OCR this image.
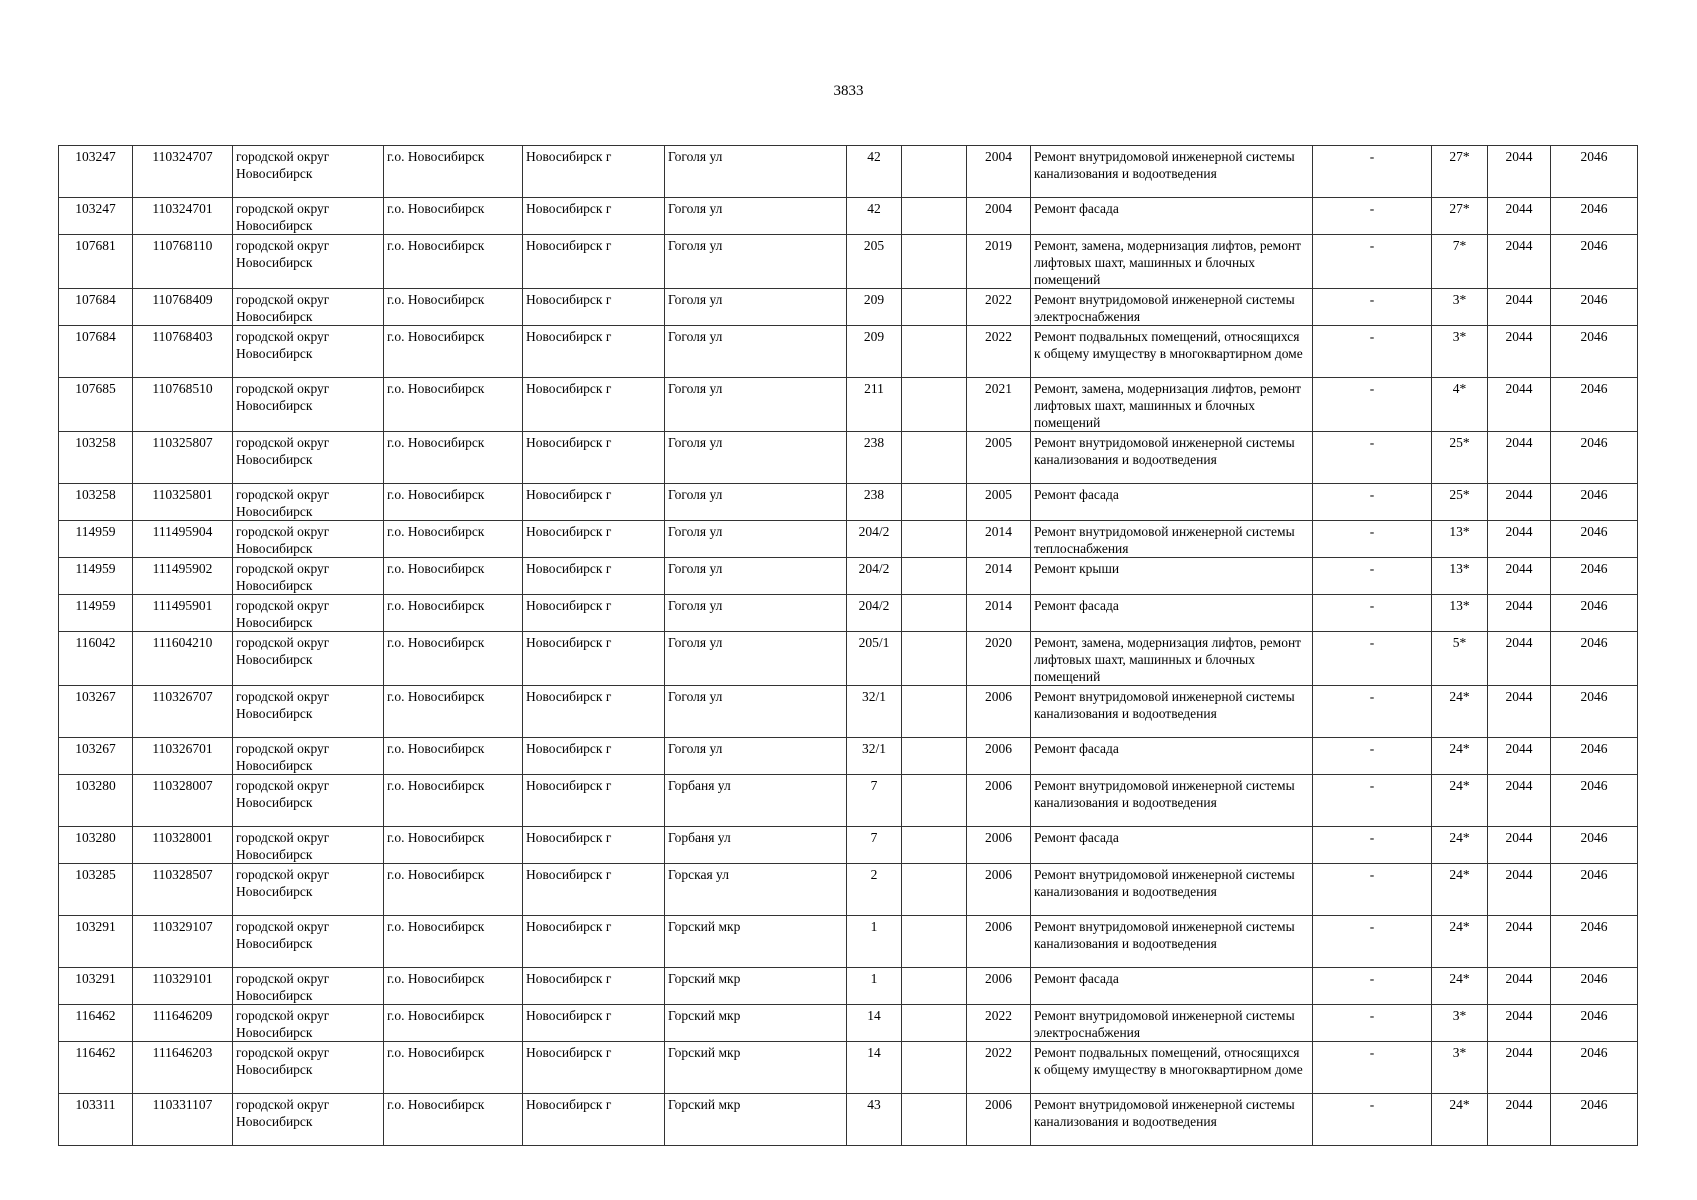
3833
103247	110324707	городской округ Новосибирск	г.о. Новосибирск	Новосибирск г	Гоголя ул	42		2004	Ремонт внутридомовой инженерной системы канализования и водоотведения	-	27*	2044	2046
103247	110324701	городской округ Новосибирск	г.о. Новосибирск	Новосибирск г	Гоголя ул	42		2004	Ремонт фасада	-	27*	2044	2046
107681	110768110	городской округ Новосибирск	г.о. Новосибирск	Новосибирск г	Гоголя ул	205		2019	Ремонт, замена, модернизация лифтов, ремонт лифтовых шахт, машинных и блочных помещений	-	7*	2044	2046
107684	110768409	городской округ Новосибирск	г.о. Новосибирск	Новосибирск г	Гоголя ул	209		2022	Ремонт внутридомовой инженерной системы электроснабжения	-	3*	2044	2046
107684	110768403	городской округ Новосибирск	г.о. Новосибирск	Новосибирск г	Гоголя ул	209		2022	Ремонт подвальных помещений, относящихся к общему имуществу в многоквартирном доме	-	3*	2044	2046
107685	110768510	городской округ Новосибирск	г.о. Новосибирск	Новосибирск г	Гоголя ул	211		2021	Ремонт, замена, модернизация лифтов, ремонт лифтовых шахт, машинных и блочных помещений	-	4*	2044	2046
103258	110325807	городской округ Новосибирск	г.о. Новосибирск	Новосибирск г	Гоголя ул	238		2005	Ремонт внутридомовой инженерной системы канализования и водоотведения	-	25*	2044	2046
103258	110325801	городской округ Новосибирск	г.о. Новосибирск	Новосибирск г	Гоголя ул	238		2005	Ремонт фасада	-	25*	2044	2046
114959	111495904	городской округ Новосибирск	г.о. Новосибирск	Новосибирск г	Гоголя ул	204/2		2014	Ремонт внутридомовой инженерной системы теплоснабжения	-	13*	2044	2046
114959	111495902	городской округ Новосибирск	г.о. Новосибирск	Новосибирск г	Гоголя ул	204/2		2014	Ремонт крыши	-	13*	2044	2046
114959	111495901	городской округ Новосибирск	г.о. Новосибирск	Новосибирск г	Гоголя ул	204/2		2014	Ремонт фасада	-	13*	2044	2046
116042	111604210	городской округ Новосибирск	г.о. Новосибирск	Новосибирск г	Гоголя ул	205/1		2020	Ремонт, замена, модернизация лифтов, ремонт лифтовых шахт, машинных и блочных помещений	-	5*	2044	2046
103267	110326707	городской округ Новосибирск	г.о. Новосибирск	Новосибирск г	Гоголя ул	32/1		2006	Ремонт внутридомовой инженерной системы канализования и водоотведения	-	24*	2044	2046
103267	110326701	городской округ Новосибирск	г.о. Новосибирск	Новосибирск г	Гоголя ул	32/1		2006	Ремонт фасада	-	24*	2044	2046
103280	110328007	городской округ Новосибирск	г.о. Новосибирск	Новосибирск г	Горбаня ул	7		2006	Ремонт внутридомовой инженерной системы канализования и водоотведения	-	24*	2044	2046
103280	110328001	городской округ Новосибирск	г.о. Новосибирск	Новосибирск г	Горбаня ул	7		2006	Ремонт фасада	-	24*	2044	2046
103285	110328507	городской округ Новосибирск	г.о. Новосибирск	Новосибирск г	Горская ул	2		2006	Ремонт внутридомовой инженерной системы канализования и водоотведения	-	24*	2044	2046
103291	110329107	городской округ Новосибирск	г.о. Новосибирск	Новосибирск г	Горский мкр	1		2006	Ремонт внутридомовой инженерной системы канализования и водоотведения	-	24*	2044	2046
103291	110329101	городской округ Новосибирск	г.о. Новосибирск	Новосибирск г	Горский мкр	1		2006	Ремонт фасада	-	24*	2044	2046
116462	111646209	городской округ Новосибирск	г.о. Новосибирск	Новосибирск г	Горский мкр	14		2022	Ремонт внутридомовой инженерной системы электроснабжения	-	3*	2044	2046
116462	111646203	городской округ Новосибирск	г.о. Новосибирск	Новосибирск г	Горский мкр	14		2022	Ремонт подвальных помещений, относящихся к общему имуществу в многоквартирном доме	-	3*	2044	2046
103311	110331107	городской округ Новосибирск	г.о. Новосибирск	Новосибирск г	Горский мкр	43		2006	Ремонт внутридомовой инженерной системы канализования и водоотведения	-	24*	2044	2046
